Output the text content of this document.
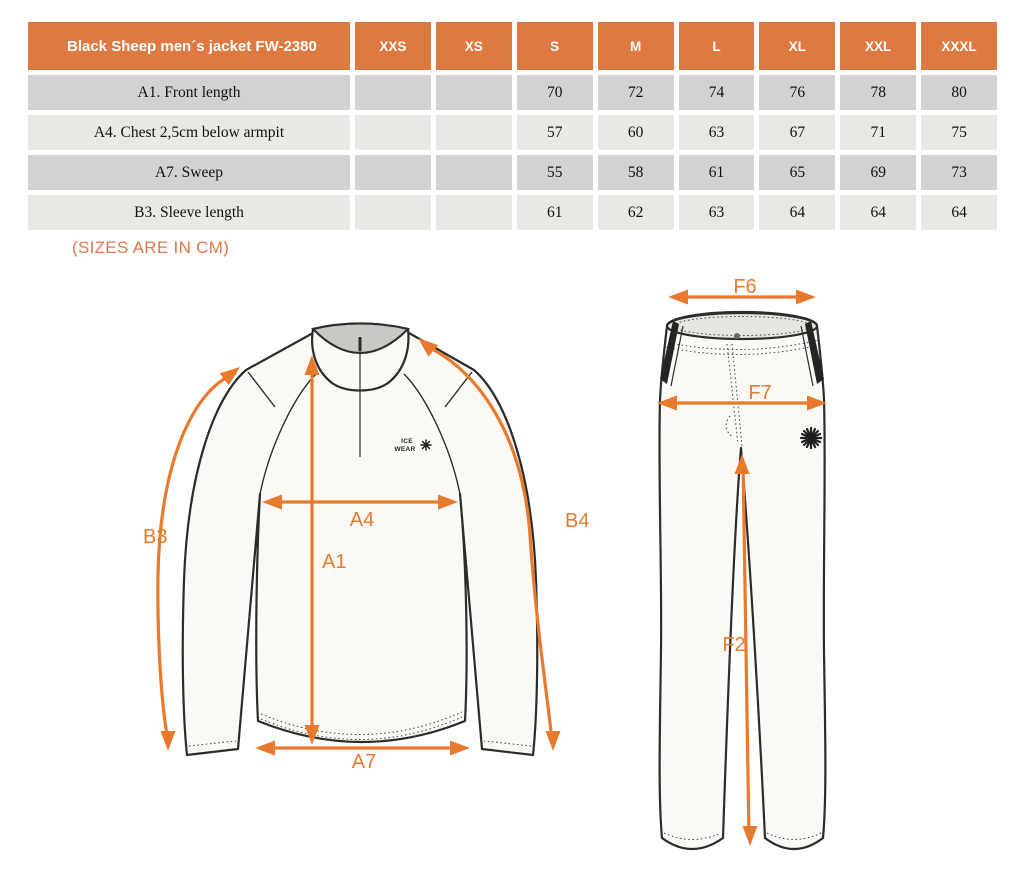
Black Sheep men´s jacket FW-2380	XXS	XS	S	M	L	XL	XXL	XXXL
A1. Front length			70	72	74	76	78	80
A4. Chest 2,5cm below armpit			57	60	63	67	71	75
A7. Sweep			55	58	61	65	69	73
B3. Sleeve length			61	62	63	64	64	64
(SIZES ARE IN CM)
ICE
WEAR
B3
B4
A4
A1
A7
F6
F7
F2
